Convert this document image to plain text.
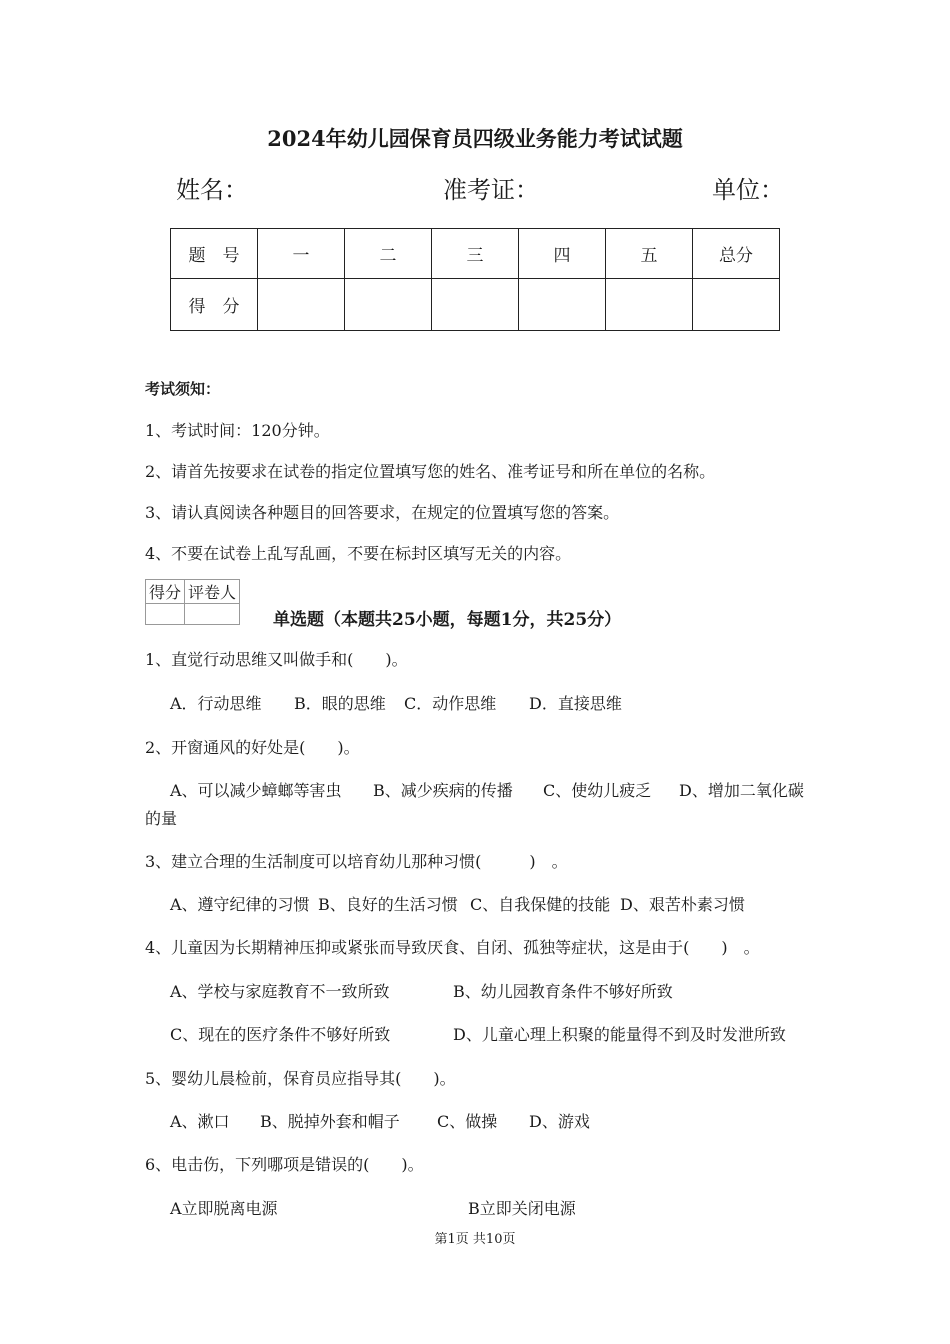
2024年幼儿园保育员四级业务能力考试试题
姓名：	准考证：	单位：
题　号	一	二	三	四	五	总分
得　分						
考试须知：
1、考试时间：120分钟。
2、请首先按要求在试卷的指定位置填写您的姓名、准考证号和所在单位的名称。
3、请认真阅读各种题目的回答要求，在规定的位置填写您的答案。
4、不要在试卷上乱写乱画，不要在标封区填写无关的内容。
得分	评卷人

单选题（本题共25小题，每题1分，共25分）
1、直觉行动思维又叫做手和(　　)。
A．行动思维 B．眼的思维 C．动作思维 D．直接思维
2、开窗通风的好处是(　　)。
A、可以减少蟑螂等害虫 B、减少疾病的传播 C、使幼儿疲乏 D、增加二氧化碳
的量
3、建立合理的生活制度可以培育幼儿那种习惯(　　　)　。
A、遵守纪律的习惯 B、良好的生活习惯 C、自我保健的技能 D、艰苦朴素习惯
4、儿童因为长期精神压抑或紧张而导致厌食、自闭、孤独等症状，这是由于(　　)　。
A、学校与家庭教育不一致所致	B、幼儿园教育条件不够好所致
C、现在的医疗条件不够好所致	D、儿童心理上积聚的能量得不到及时发泄所致
5、婴幼儿晨检前，保育员应指导其(　　)。
A、漱口 B、脱掉外套和帽子 C、做操 D、游戏
6、电击伤，下列哪项是错误的(　　)。
A立即脱离电源	B立即关闭电源
第1页 共10页
